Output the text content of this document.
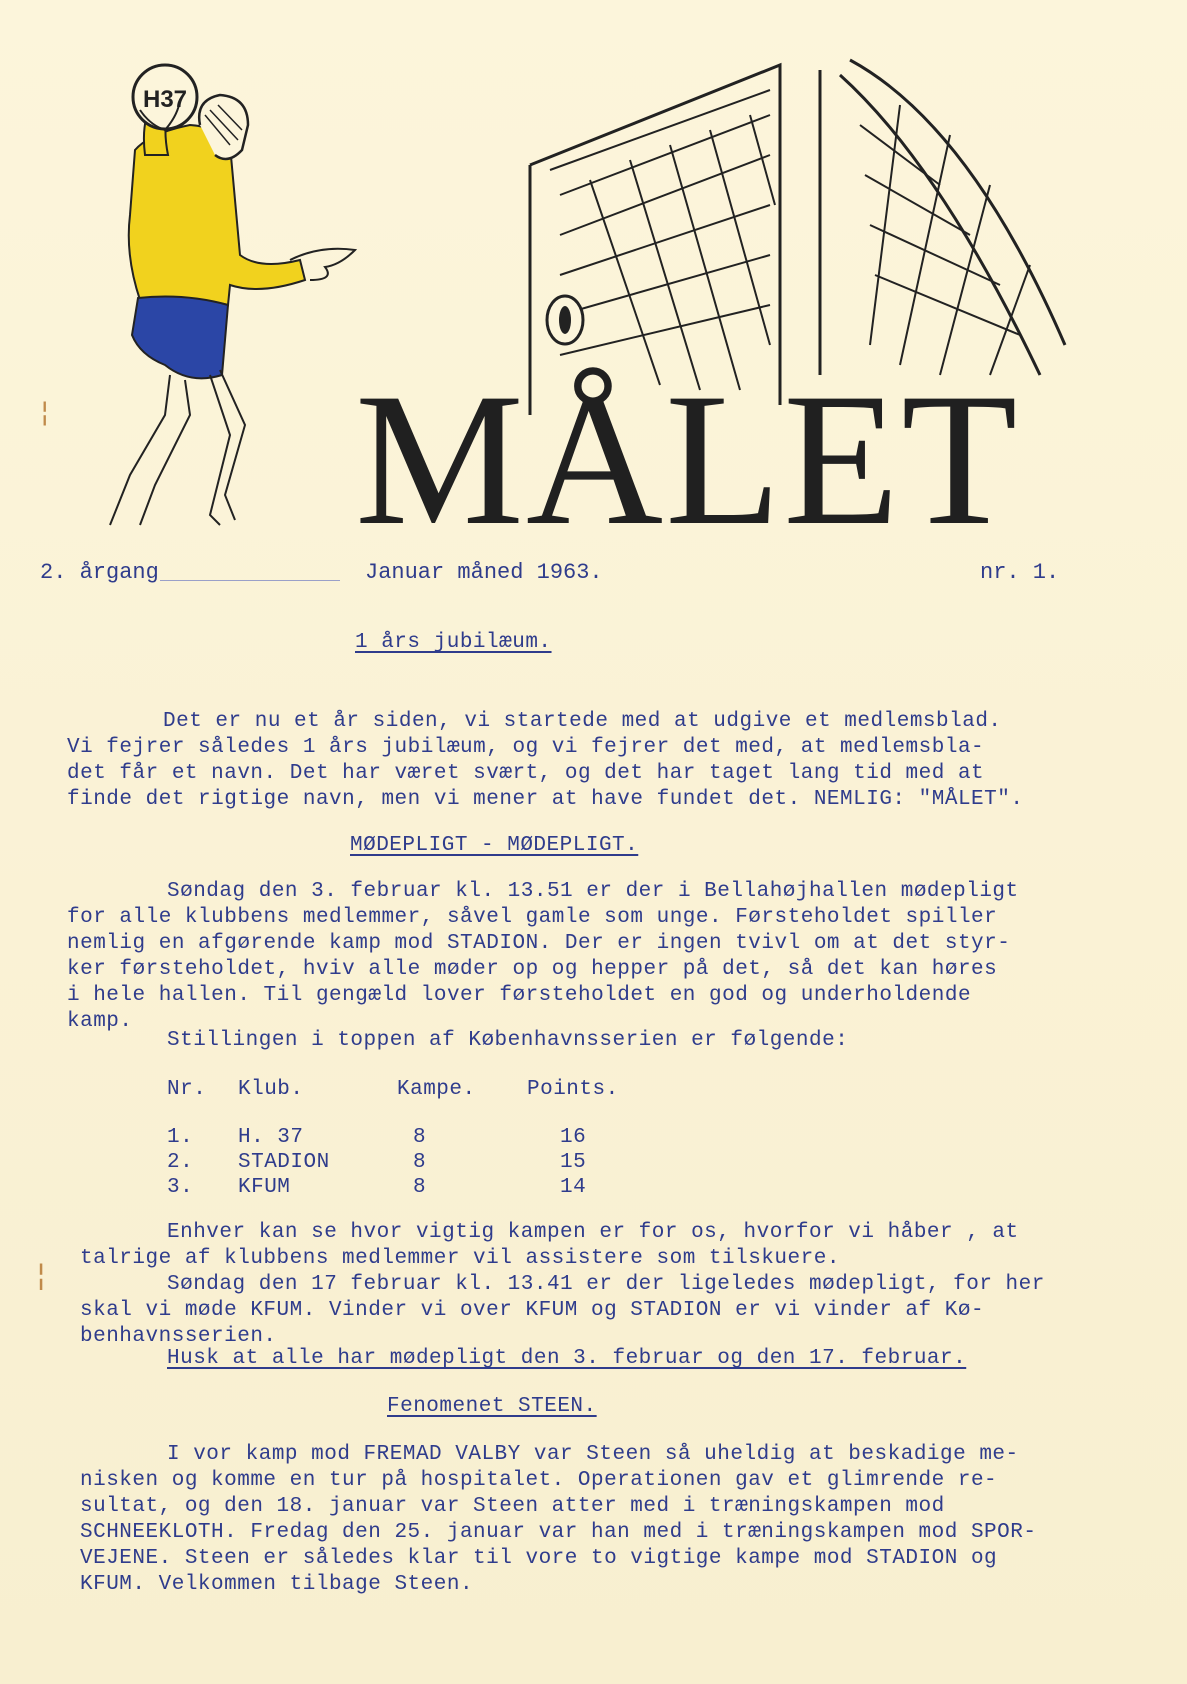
¦
¦
H37
MÅLET
2. årgang	Januar måned 1963.	nr. 1.
1 års jubilæum.
Det er nu et år siden, vi startede med at udgive et medlemsblad.
Vi fejrer således 1 års jubilæum, og vi fejrer det med, at medlemsbla-
det får et navn. Det har været svært, og det har taget lang tid med at
finde det rigtige navn, men vi mener at have fundet det. NEMLIG: "MÅLET".
MØDEPLIGT - MØDEPLIGT.
Søndag den 3. februar kl. 13.51 er der i Bellahøjhallen mødepligt
for alle klubbens medlemmer, såvel gamle som unge. Førsteholdet spiller
nemlig en afgørende kamp mod STADION. Der er ingen tvivl om at det styr-
ker førsteholdet, hviv alle møder op og hepper på det, så det kan høres
i hele hallen. Til gengæld lover førsteholdet en god og underholdende
kamp.
Stillingen i toppen af Københavnsserien er følgende:
Nr. Klub.	Kampe. Points.
1. H. 37	8	16
2. STADION	8	15
3. KFUM	8	14
Enhver kan se hvor vigtig kampen er for os, hvorfor vi håber , at
talrige af klubbens medlemmer vil assistere som tilskuere.
Søndag den 17 februar kl. 13.41 er der ligeledes mødepligt, for her
skal vi møde KFUM. Vinder vi over KFUM og STADION er vi vinder af Kø-
benhavnsserien.
Husk at alle har mødepligt den 3. februar og den 17. februar.
Fenomenet STEEN.
I vor kamp mod FREMAD VALBY var Steen så uheldig at beskadige me-
nisken og komme en tur på hospitalet. Operationen gav et glimrende re-
sultat, og den 18. januar var Steen atter med i træningskampen mod
SCHNEEKLOTH. Fredag den 25. januar var han med i træningskampen mod SPOR-
VEJENE. Steen er således klar til vore to vigtige kampe mod STADION og
KFUM. Velkommen tilbage Steen.
